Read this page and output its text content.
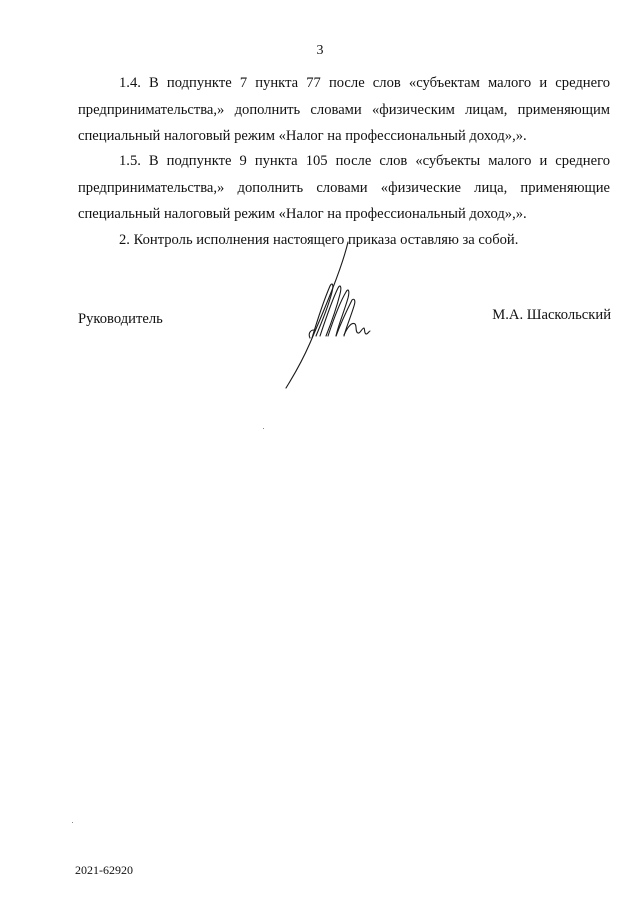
3

1.4. В подпункте 7 пункта 77 после слов «субъектам малого и среднего предпринимательства,» дополнить словами «физическим лицам, применяющим специальный налоговый режим «Налог на профессиональный доход»,».

1.5. В подпункте 9 пункта 105 после слов «субъекты малого и среднего предпринимательства,» дополнить словами «физические лица, применяющие специальный налоговый режим «Налог на профессиональный доход»,».

2. Контроль исполнения настоящего приказа оставляю за собой.

Руководитель	М.А. Шаскольский
2021-62920
